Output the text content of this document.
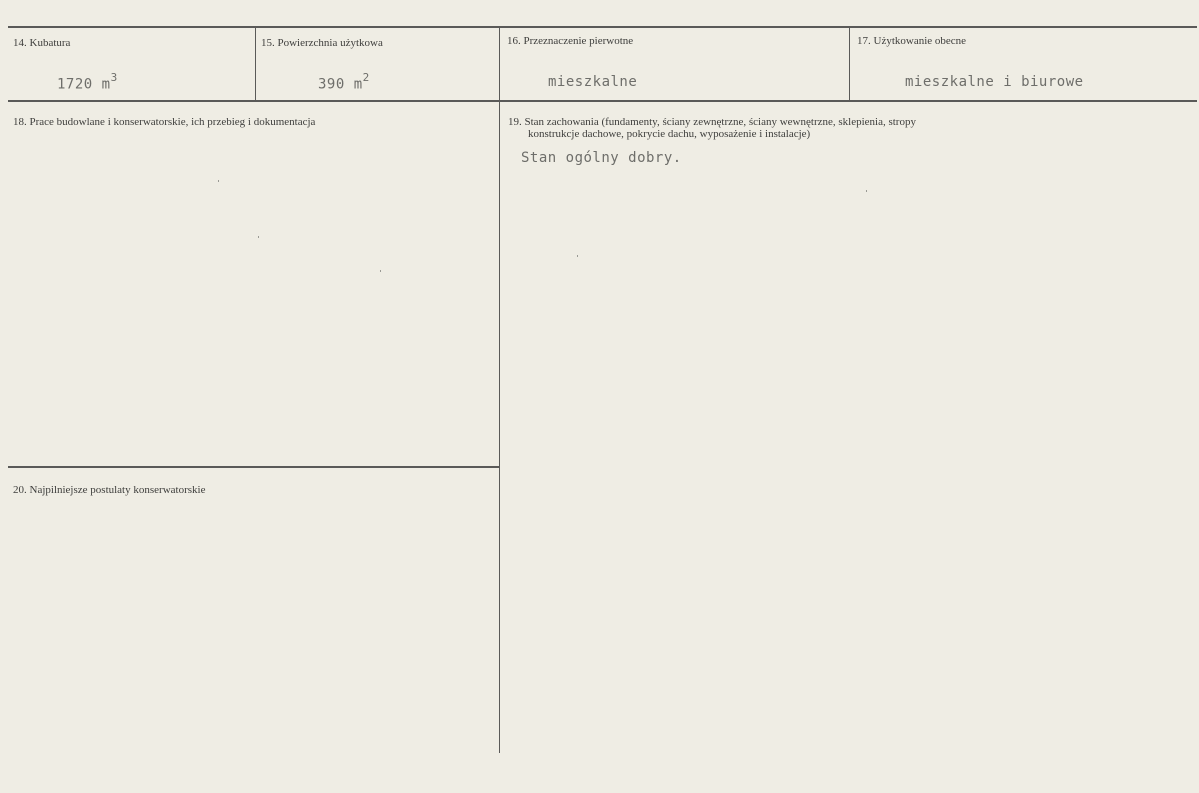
14. Kubatura
1720 $m^3$
15. Powierzchnia użytkowa
390 $m^2$
16. Przeznaczenie pierwotne
mieszkalne
17. Użytkowanie obecne
mieszkalne i biurowe
18. Prace budowlane i konserwatorskie, ich przebieg i dokumentacja	19. Stan zachowania (fundamenty, ściany zewnętrzne, ściany wewnętrzne, sklepienia, stropy
konstrukcje dachowe, pokrycie dachu, wyposażenie i instalacje)
Stan ogólny dobry.
20. Najpilniejsze postulaty konserwatorskie
